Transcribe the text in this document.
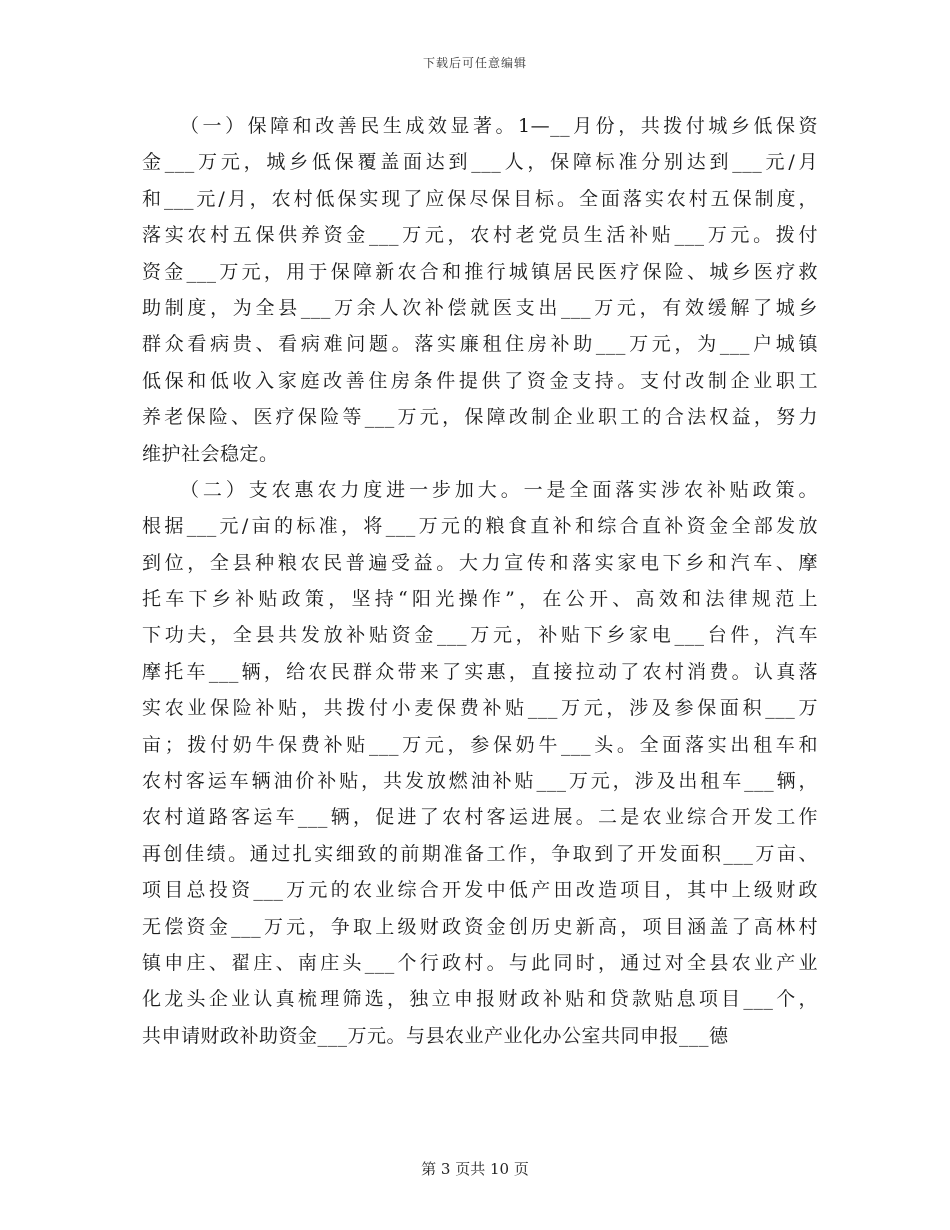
下载后可任意编辑
（一）保障和改善民生成效显著。1—__月份，共拨付城乡低保资
金___万元，城乡低保覆盖面达到___人，保障标准分别达到___元/月
和___元/月，农村低保实现了应保尽保目标。全面落实农村五保制度，
落实农村五保供养资金___万元，农村老党员生活补贴___万元。拨付
资金___万元，用于保障新农合和推行城镇居民医疗保险、城乡医疗救
助制度，为全县___万余人次补偿就医支出___万元，有效缓解了城乡
群众看病贵、看病难问题。落实廉租住房补助___万元，为___户城镇
低保和低收入家庭改善住房条件提供了资金支持。支付改制企业职工
养老保险、医疗保险等___万元，保障改制企业职工的合法权益，努力
维护社会稳定。
（二）支农惠农力度进一步加大。一是全面落实涉农补贴政策。
根据___元/亩的标准，将___万元的粮食直补和综合直补资金全部发放
到位，全县种粮农民普遍受益。大力宣传和落实家电下乡和汽车、摩
托车下乡补贴政策，坚持“阳光操作”，在公开、高效和法律规范上
下功夫，全县共发放补贴资金___万元，补贴下乡家电___台件，汽车
摩托车___辆，给农民群众带来了实惠，直接拉动了农村消费。认真落
实农业保险补贴，共拨付小麦保费补贴___万元，涉及参保面积___万
亩；拨付奶牛保费补贴___万元，参保奶牛___头。全面落实出租车和
农村客运车辆油价补贴，共发放燃油补贴___万元，涉及出租车___辆，
农村道路客运车___辆，促进了农村客运进展。二是农业综合开发工作
再创佳绩。通过扎实细致的前期准备工作，争取到了开发面积___万亩、
项目总投资___万元的农业综合开发中低产田改造项目，其中上级财政
无偿资金___万元，争取上级财政资金创历史新高，项目涵盖了高林村
镇申庄、翟庄、南庄头___个行政村。与此同时，通过对全县农业产业
化龙头企业认真梳理筛选，独立申报财政补贴和贷款贴息项目___个，
共申请财政补助资金___万元。与县农业产业化办公室共同申报___德
第 3 页共 10 页
